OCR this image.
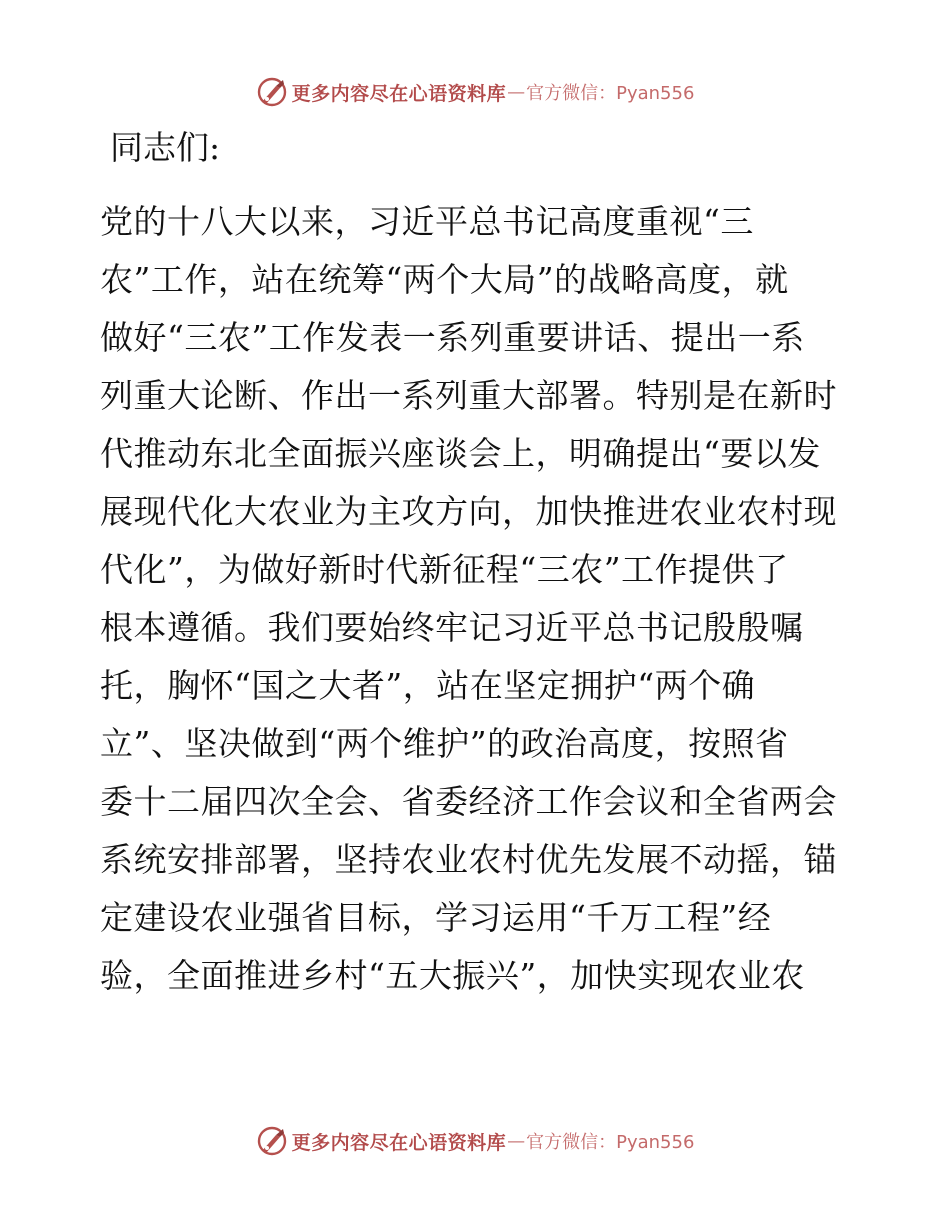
更多内容尽在心语资料库 — 官方微信：Pyan556
同志们:
党的十八大以来，习近平总书记高度重视“三
农”工作，站在统筹“两个大局”的战略高度，就
做好“三农”工作发表一系列重要讲话、提出一系
列重大论断、作出一系列重大部署。特别是在新时
代推动东北全面振兴座谈会上，明确提出“要以发
展现代化大农业为主攻方向，加快推进农业农村现
代化”，为做好新时代新征程“三农”工作提供了
根本遵循。我们要始终牢记习近平总书记殷殷嘱
托，胸怀“国之大者”，站在坚定拥护“两个确
立”、坚决做到“两个维护”的政治高度，按照省
委十二届四次全会、省委经济工作会议和全省两会
系统安排部署，坚持农业农村优先发展不动摇，锚
定建设农业强省目标，学习运用“千万工程”经
验，全面推进乡村“五大振兴”，加快实现农业农
更多内容尽在心语资料库 — 官方微信：Pyan556
